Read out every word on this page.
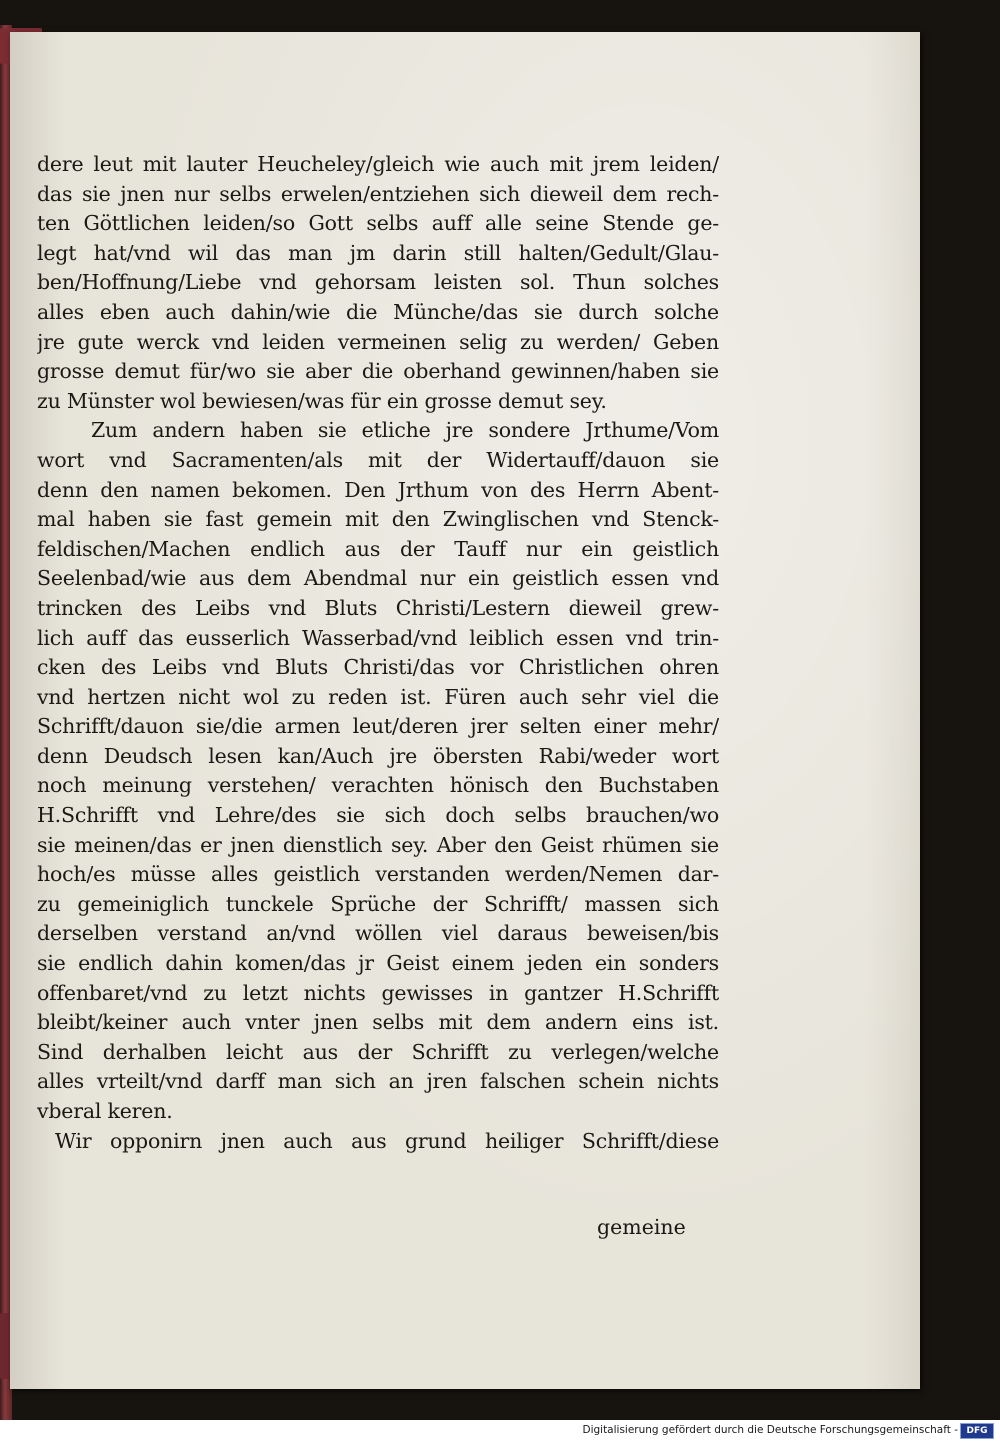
dere leut mit lauter Heucheley/gleich wie auch mit jrem leiden/
das sie jnen nur selbs erwelen/entziehen sich dieweil dem rech-
ten Göttlichen leiden/so Gott selbs auff alle seine Stende ge-
legt hat/vnd wil das man jm darin still halten/Gedult/Glau-
ben/Hoffnung/Liebe vnd gehorsam leisten sol. Thun solches
alles eben auch dahin/wie die Münche/das sie durch solche
jre gute werck vnd leiden vermeinen selig zu werden/ Geben
grosse demut für/wo sie aber die oberhand gewinnen/haben sie
zu Münster wol bewiesen/was für ein grosse demut sey.
Zum andern haben sie etliche jre sondere Jrthume/Vom
wort vnd Sacramenten/als mit der Widertauff/dauon sie
denn den namen bekomen. Den Jrthum von des Herrn Abent-
mal haben sie fast gemein mit den Zwinglischen vnd Stenck-
feldischen/Machen endlich aus der Tauff nur ein geistlich
Seelenbad/wie aus dem Abendmal nur ein geistlich essen vnd
trincken des Leibs vnd Bluts Christi/Lestern dieweil grew-
lich auff das eusserlich Wasserbad/vnd leiblich essen vnd trin-
cken des Leibs vnd Bluts Christi/das vor Christlichen ohren
vnd hertzen nicht wol zu reden ist. Füren auch sehr viel die
Schrifft/dauon sie/die armen leut/deren jrer selten einer mehr/
denn Deudsch lesen kan/Auch jre öbersten Rabi/weder wort
noch meinung verstehen/ verachten hönisch den Buchstaben
H.Schrifft vnd Lehre/des sie sich doch selbs brauchen/wo
sie meinen/das er jnen dienstlich sey. Aber den Geist rhümen sie
hoch/es müsse alles geistlich verstanden werden/Nemen dar-
zu gemeiniglich tunckele Sprüche der Schrifft/ massen sich
derselben verstand an/vnd wöllen viel daraus beweisen/bis
sie endlich dahin komen/das jr Geist einem jeden ein sonders
offenbaret/vnd zu letzt nichts gewisses in gantzer H.Schrifft
bleibt/keiner auch vnter jnen selbs mit dem andern eins ist.
Sind derhalben leicht aus der Schrifft zu verlegen/welche
alles vrteilt/vnd darff man sich an jren falschen schein nichts
vberal keren.
Wir opponirn jnen auch aus grund heiliger Schrifft/diese
gemeine
Digitalisierung gefördert durch die Deutsche Forschungsgemeinschaft - DFG
